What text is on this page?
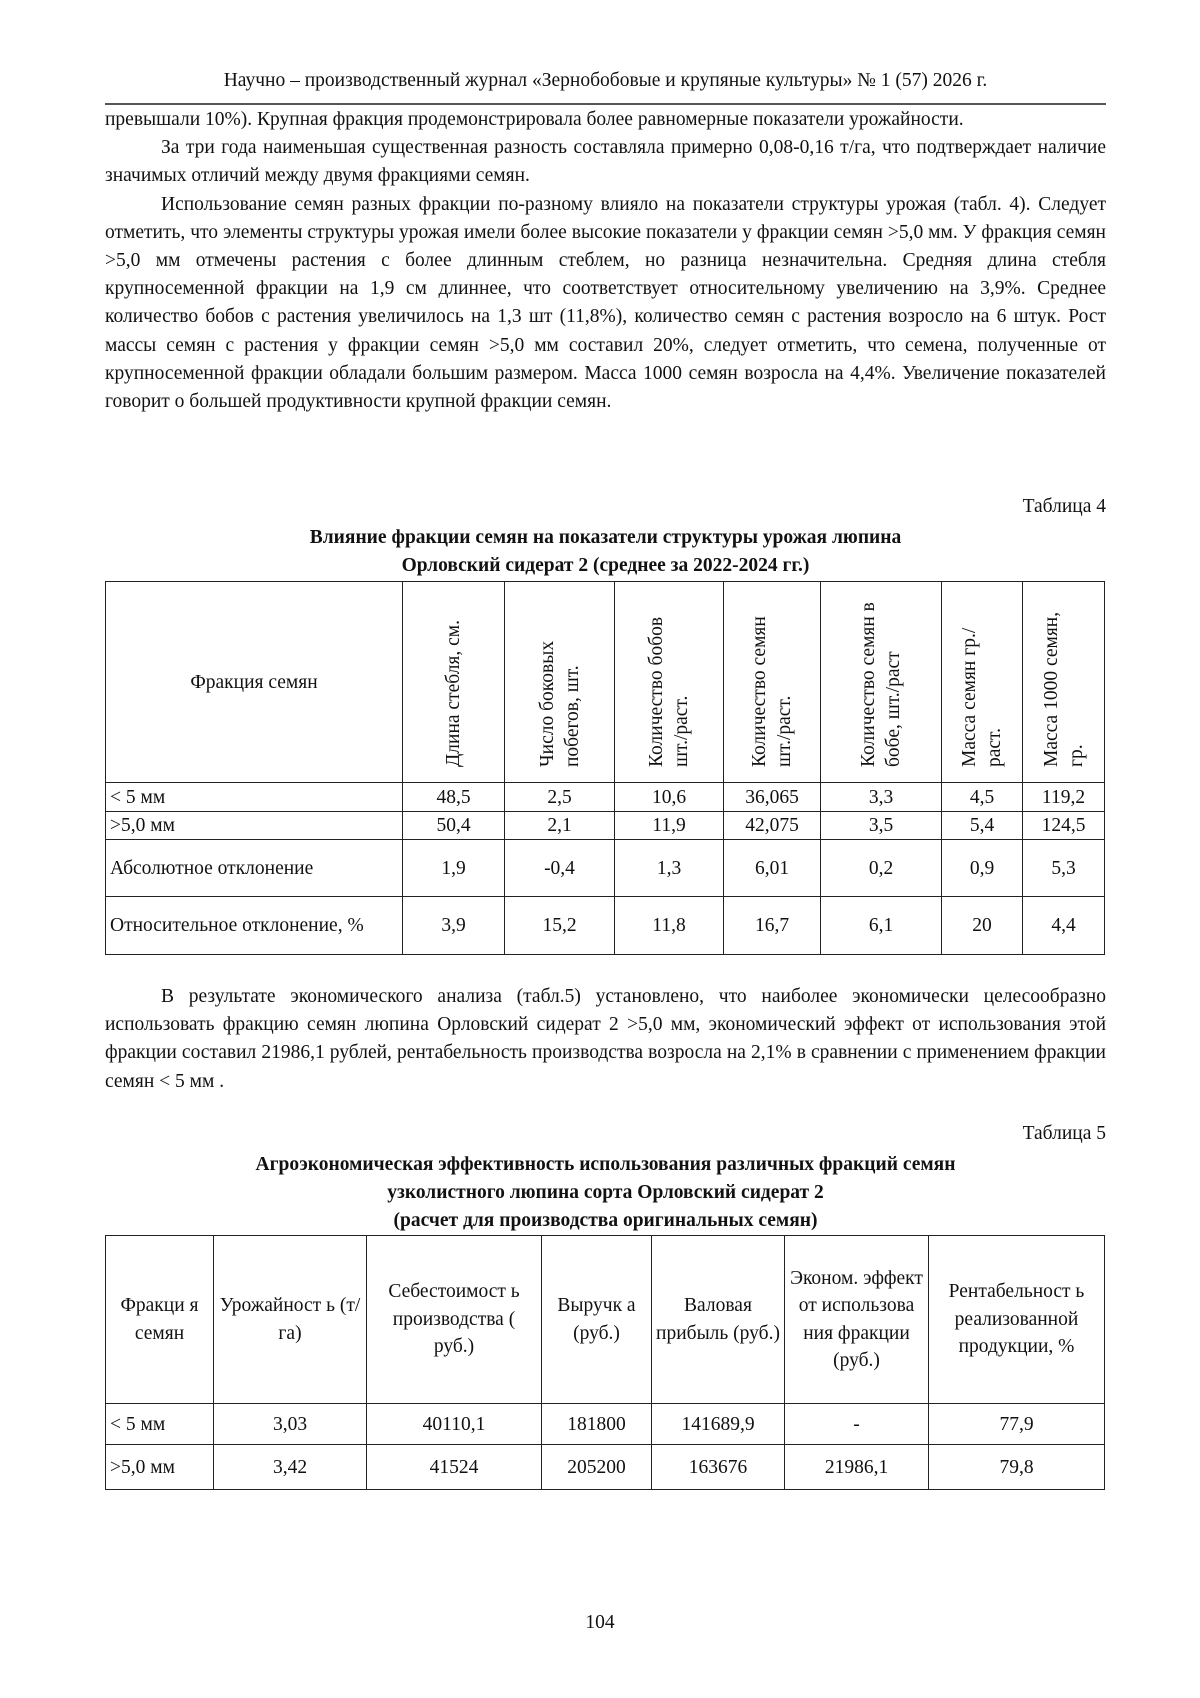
Научно – производственный журнал «Зернобобовые и крупяные культуры» № 1 (57) 2026 г.

превышали 10%). Крупная фракция продемонстрировала более равномерные показатели урожайности.

За три года наименьшая существенная разность составляла примерно 0,08-0,16 т/га, что подтверждает наличие значимых отличий между двумя фракциями семян.

Использование семян разных фракции по-разному влияло на показатели структуры урожая (табл. 4). Следует отметить, что элементы структуры урожая имели более высокие показатели у фракции семян >5,0 мм. У фракция семян >5,0 мм отмечены растения с более длинным стеблем, но разница незначительна. Средняя длина стебля крупносеменной фракции на 1,9 см длиннее, что соответствует относительному увеличению на 3,9%. Среднее количество бобов с растения увеличилось на 1,3 шт (11,8%), количество семян с растения возросло на 6 штук. Рост массы семян с растения у фракции семян >5,0 мм составил 20%, следует отметить, что семена, полученные от крупносеменной фракции обладали большим размером. Масса 1000 семян возросла на 4,4%. Увеличение показателей говорит о большей продуктивности крупной фракции семян.

Таблица 4
Влияние фракции семян на показатели структуры урожая люпина
Орловский сидерат 2 (среднее за 2022-2024 гг.)
Фракция семян	Длина стебля, см.	Число боковых побегов, шт.	Количество бобов шт./раст.	Количество семян шт./раст.	Количество семян в бобе, шт./раст	Масса семян гр./раст.	Масса 1000 семян, гр.

< 5 мм	48,5	2,5	10,6	36,065	3,3	4,5	119,2
>5,0 мм	50,4	2,1	11,9	42,075	3,5	5,4	124,5
Абсолютное отклонение	1,9	-0,4	1,3	6,01	0,2	0,9	5,3
Относительное отклонение, %	3,9	15,2	11,8	16,7	6,1	20	4,4

В результате экономического анализа (табл.5) установлено, что наиболее экономически целесообразно использовать фракцию семян люпина Орловский сидерат 2 >5,0 мм, экономический эффект от использования этой фракции составил 21986,1 рублей, рентабельность производства возросла на 2,1% в сравнении с применением фракции семян < 5 мм .

Таблица 5
Агроэкономическая эффективность использования различных фракций семян
узколистного люпина сорта Орловский сидерат 2
(расчет для производства оригинальных семян)
Фракци я семян	Урожайност ь (т/га)	Себестоимост ь производства ( руб.)	Выручк а (руб.)	Валовая прибыль (руб.)	Эконом. эффект от использова ния фракции (руб.)	Рентабельност ь реализованной продукции, %
< 5 мм	3,03	40110,1	181800	141689,9	-	77,9
>5,0 мм	3,42	41524	205200	163676	21986,1	79,8
104
